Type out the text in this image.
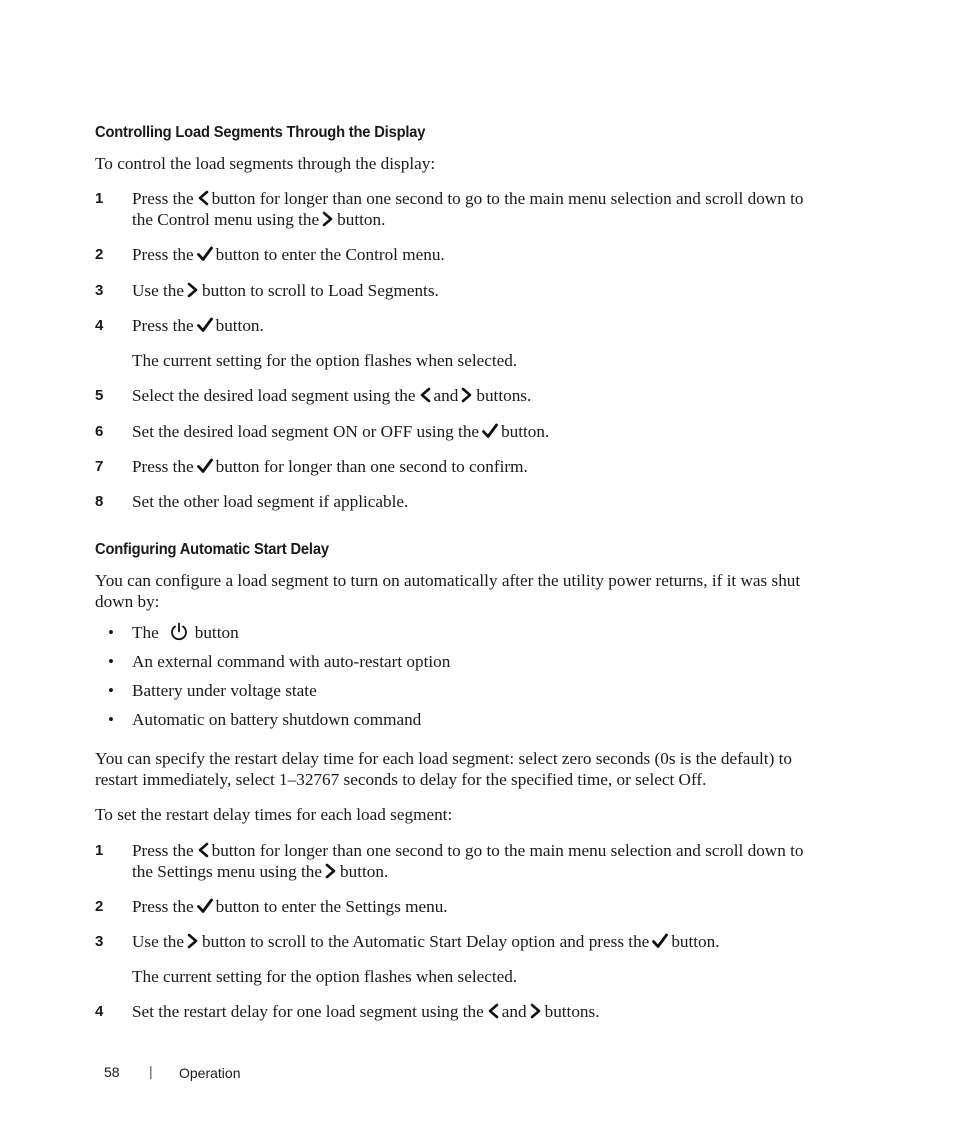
Controlling Load Segments Through the Display
To control the load segments through the display:
1 Press the button for longer than one second to go to the main menu selection and scroll down to
the Control menu using the button.
2 Press the button to enter the Control menu.
3 Use the button to scroll to Load Segments.
4 Press the button.
The current setting for the option flashes when selected.
5 Select the desired load segment using the and buttons.
6 Set the desired load segment ON or OFF using the button.
7 Press the button for longer than one second to confirm.
8 Set the other load segment if applicable.
Configuring Automatic Start Delay
You can configure a load segment to turn on automatically after the utility power returns, if it was shut
down by:
• The button
• An external command with auto-restart option
• Battery under voltage state
• Automatic on battery shutdown command
You can specify the restart delay time for each load segment: select zero seconds (0s is the default) to
restart immediately, select 1–32767 seconds to delay for the specified time, or select Off.
To set the restart delay times for each load segment:
1 Press the button for longer than one second to go to the main menu selection and scroll down to
the Settings menu using the button.
2 Press the button to enter the Settings menu.
3 Use the button to scroll to the Automatic Start Delay option and press the button.
The current setting for the option flashes when selected.
4 Set the restart delay for one load segment using the and buttons.
58 | Operation
